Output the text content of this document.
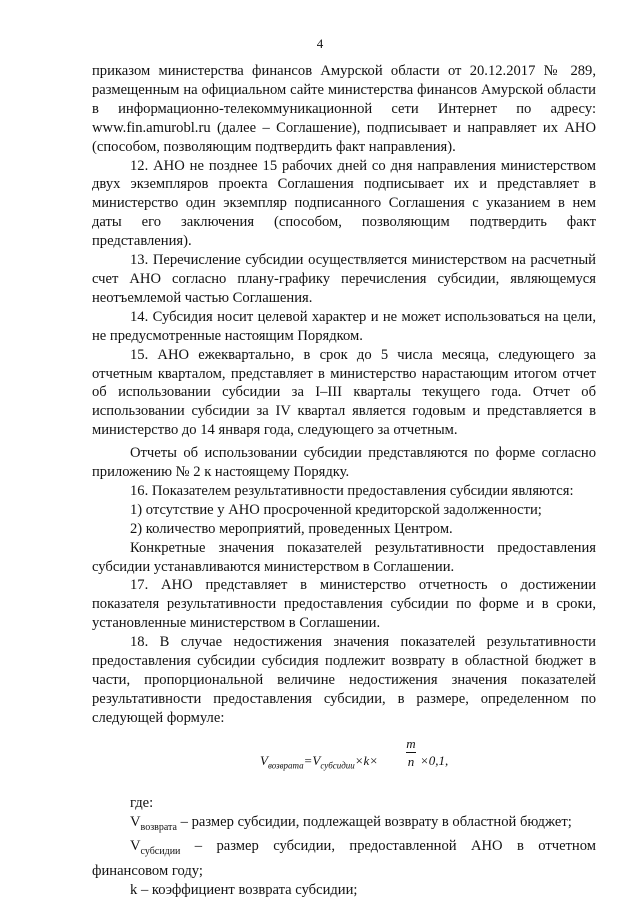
4

приказом министерства финансов Амурской области от 20.12.2017 № 289, размещенным на официальном сайте министерства финансов Амурской области в информационно-телекоммуникационной сети Интернет по адресу: www.fin.amurobl.ru (далее – Соглашение), подписывает и направляет их АНО (способом, позволяющим подтвердить факт направления).

12. АНО не позднее 15 рабочих дней со дня направления министерством двух экземпляров проекта Соглашения подписывает их и представляет в министерство один экземпляр подписанного Соглашения с указанием в нем даты его заключения (способом, позволяющим подтвердить факт представления).

13. Перечисление субсидии осуществляется министерством на расчетный счет АНО согласно плану-графику перечисления субсидии, являющемуся неотъемлемой частью Соглашения.

14. Субсидия носит целевой характер и не может использоваться на цели, не предусмотренные настоящим Порядком.

15. АНО ежеквартально, в срок до 5 числа месяца, следующего за отчетным кварталом, представляет в министерство нарастающим итогом отчет об использовании субсидии за I–III кварталы текущего года. Отчет об использовании субсидии за IV квартал является годовым и представляется в министерство до 14 января года, следующего за отчетным.

Отчеты об использовании субсидии представляются по форме согласно приложению № 2 к настоящему Порядку.

16. Показателем результативности предоставления субсидии являются:

1) отсутствие у АНО просроченной кредиторской задолженности;

2) количество мероприятий, проведенных Центром.

Конкретные значения показателей результативности предоставления субсидии устанавливаются министерством в Соглашении.

17. АНО представляет в министерство отчетность о достижении показателя результативности предоставления субсидии по форме и в сроки, установленные министерством в Соглашении.

18. В случае недостижения значения показателей результативности предоставления субсидии субсидия подлежит возврату в областной бюджет в части, пропорциональной величине недостижения значения показателей результативности предоставления субсидии, в размере, определенном по следующей формуле:

$V_{возврата}=V_{субсидии}\times k\times$
m
n ×0,1,

где:

$V_{возврата}$ – размер субсидии, подлежащей возврату в областной бюджет;

$V_{субсидии}$ – размер субсидии, предоставленной АНО в отчетном финансовом году;

k – коэффициент возврата субсидии;
